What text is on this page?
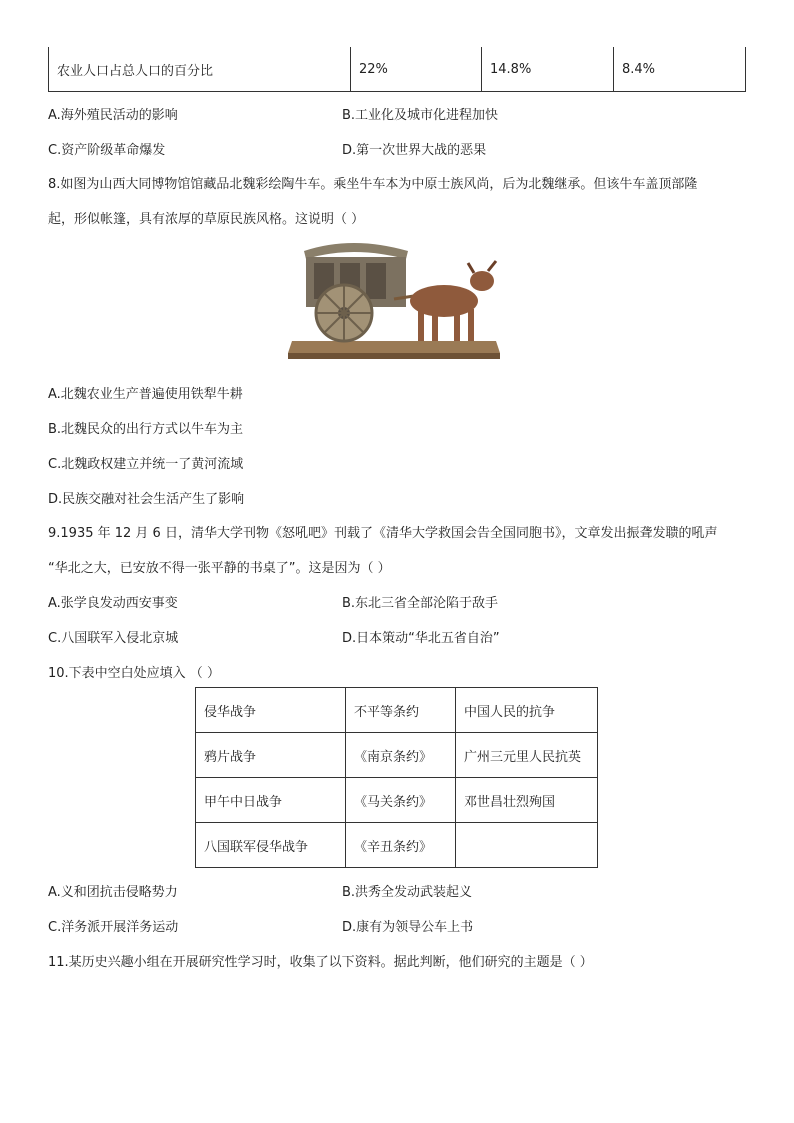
农业人口占总人口的百分比	22%	14.8%	8.4%
A.海外殖民活动的影响	B.工业化及城市化进程加快
C.资产阶级革命爆发	D.第一次世界大战的恶果
8.如图为山西大同博物馆馆藏品北魏彩绘陶牛车。乘坐牛车本为中原士族风尚，后为北魏继承。但该牛车盖顶部隆
起，形似帐篷，具有浓厚的草原民族风格。这说明（ ）
A.北魏农业生产普遍使用铁犁牛耕
B.北魏民众的出行方式以牛车为主
C.北魏政权建立并统一了黄河流域
D.民族交融对社会生活产生了影响
9.1935 年 12 月 6 日，清华大学刊物《怒吼吧》刊载了《清华大学救国会告全国同胞书》，文章发出振聋发聩的吼声
“华北之大，已安放不得一张平静的书桌了”。这是因为（ ）
A.张学良发动西安事变	B.东北三省全部沦陷于敌手
C.八国联军入侵北京城	D.日本策动“华北五省自治”
10.下表中空白处应填入 （ ）
侵华战争	不平等条约	中国人民的抗争
鸦片战争	《南京条约》	广州三元里人民抗英
甲午中日战争	《马关条约》	邓世昌壮烈殉国
八国联军侵华战争	《辛丑条约》	
A.义和团抗击侵略势力	B.洪秀全发动武装起义
C.洋务派开展洋务运动	D.康有为领导公车上书
11.某历史兴趣小组在开展研究性学习时，收集了以下资料。据此判断，他们研究的主题是（ ）
